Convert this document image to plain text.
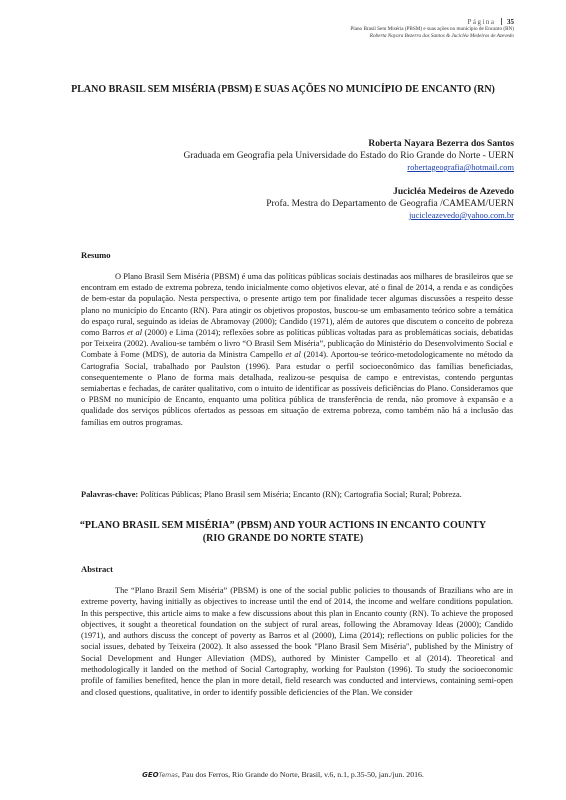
Página 35
Plano Brasil Sem Miséria (PBSM) e suas ações no município de Encanto (RN)
Roberta Nayara Bezerra dos Santos & Jucicléa Medeiros de Azevedo
PLANO BRASIL SEM MISÉRIA (PBSM) E SUAS AÇÕES NO MUNICÍPIO DE ENCANTO (RN)
Roberta Nayara Bezerra dos Santos
Graduada em Geografia pela Universidade do Estado do Rio Grande do Norte - UERN
robertageografia@hotmail.com
Jucicléa Medeiros de Azevedo
Profa. Mestra do Departamento de Geografia /CAMEAM/UERN
jucicleazevedo@yahoo.com.br
Resumo
O Plano Brasil Sem Miséria (PBSM) é uma das políticas públicas sociais destinadas aos milhares de brasileiros que se encontram em estado de extrema pobreza, tendo inicialmente como objetivos elevar, até o final de 2014, a renda e as condições de bem-estar da população. Nesta perspectiva, o presente artigo tem por finalidade tecer algumas discussões a respeito desse plano no município do Encanto (RN). Para atingir os objetivos propostos, buscou-se um embasamento teórico sobre a temática do espaço rural, seguindo as ideias de Abramovay (2000); Candido (1971), além de autores que discutem o conceito de pobreza como Barros et al (2000) e Lima (2014); reflexões sobre as políticas públicas voltadas para as problemáticas sociais, debatidas por Teixeira (2002). Avaliou-se também o livro “O Brasil Sem Miséria”, publicação do Ministério do Desenvolvimento Social e Combate à Fome (MDS), de autoria da Ministra Campello et al (2014). Aportou-se teórico-metodologicamente no método da Cartografia Social, trabalhado por Paulston (1996). Para estudar o perfil socioeconômico das famílias beneficiadas, consequentemente o Plano de forma mais detalhada, realizou-se pesquisa de campo e entrevistas, contendo perguntas semiabertas e fechadas, de caráter qualitativo, com o intuito de identificar as possíveis deficiências do Plano. Consideramos que o PBSM no município de Encanto, enquanto uma política pública de transferência de renda, não promove à expansão e a qualidade dos serviços públicos ofertados as pessoas em situação de extrema pobreza, como também não há a inclusão das famílias em outros programas.
Palavras-chave: Políticas Públicas; Plano Brasil sem Miséria; Encanto (RN); Cartografia Social; Rural; Pobreza.
“PLANO BRASIL SEM MISÉRIA” (PBSM) AND YOUR ACTIONS IN ENCANTO COUNTY (RIO GRANDE DO NORTE STATE)
Abstract
The “Plano Brazil Sem Miséria” (PBSM) is one of the social public policies to thousands of Brazilians who are in extreme poverty, having initially as objectives to increase until the end of 2014, the income and welfare conditions population. In this perspective, this article aims to make a few discussions about this plan in Encanto county (RN). To achieve the proposed objectives, it sought a theoretical foundation on the subject of rural areas, following the Abramovay Ideas (2000); Candido (1971), and authors discuss the concept of poverty as Barros et al (2000), Lima (2014); reflections on public policies for the social issues, debated by Teixeira (2002). It also assessed the book "Plano Brasil Sem Miséria", published by the Ministry of Social Development and Hunger Alleviation (MDS), authored by Minister Campello et al (2014). Theoretical and methodologically it landed on the method of Social Cartography, working for Paulston (1996). To study the socioeconomic profile of families benefited, hence the plan in more detail, field research was conducted and interviews, containing semi-open and closed questions, qualitative, in order to identify possible deficiencies of the Plan. We consider
GEOTemas, Pau dos Ferros, Rio Grande do Norte, Brasil, v.6, n.1, p.35-50, jan./jun. 2016.
